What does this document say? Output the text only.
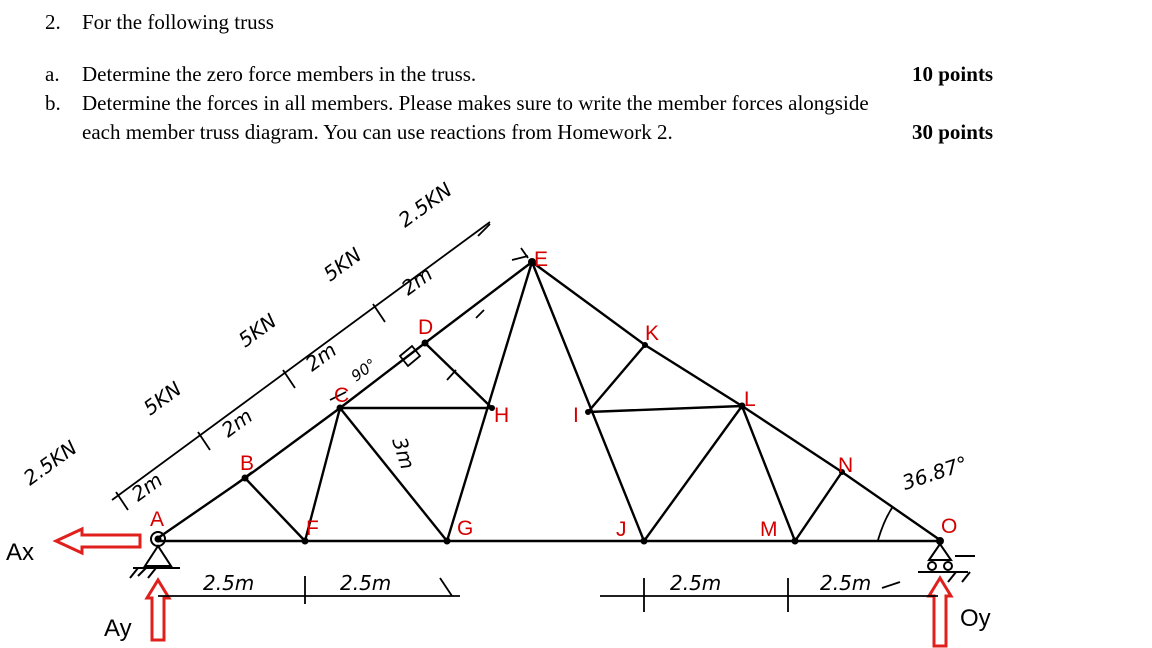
2. For the following truss
a. Determine the zero force members in the truss.	10 points
b. Determine the forces in all members. Please makes sure to write the member forces alongside
each member truss diagram. You can use reactions from Homework 2.	30 points
2.5KN
5KN
5KN
5KN
2.5KN
2m
2m
2m
2m
90°
3m	36.87°
2.5m	2.5m	2.5m	2.5m
A
B
C
D
E
F	G
H	I
J
K
L
M
N
O
Ax
Ay	Oy
